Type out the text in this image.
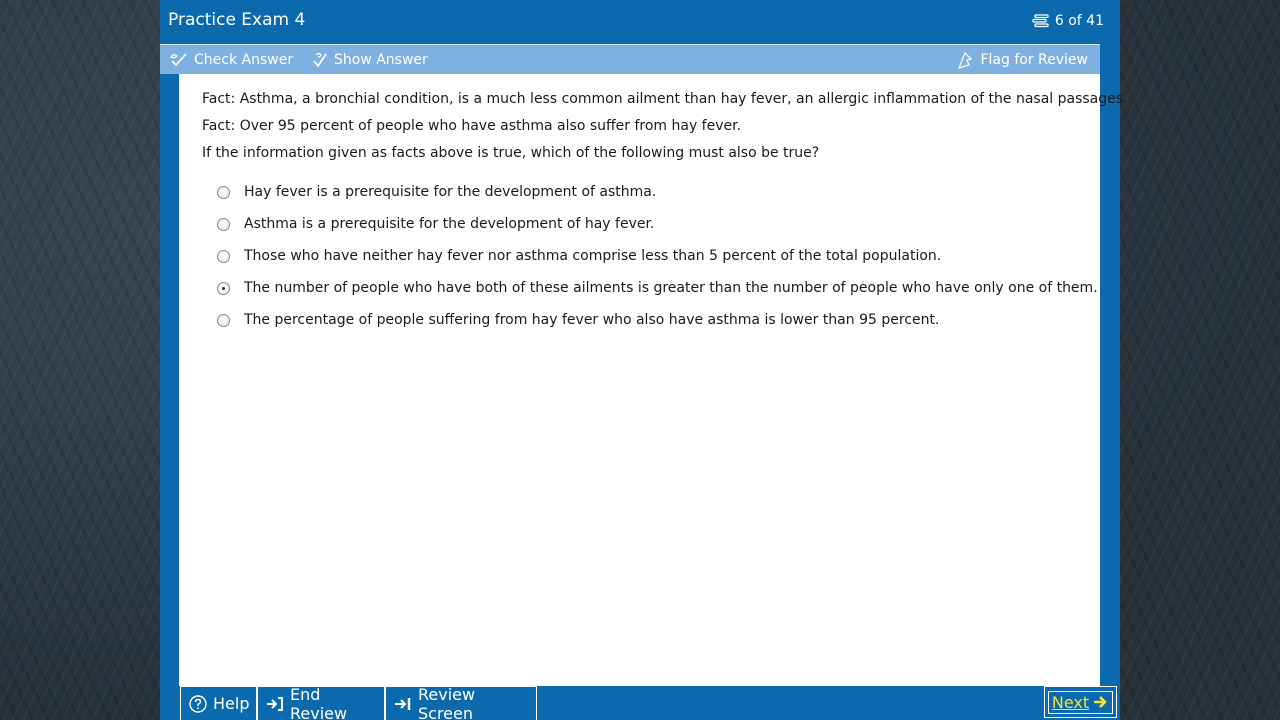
Practice Exam 4	6 of 41
Check Answer	Show Answer	Flag for Review
Fact: Asthma, a bronchial condition, is a much less common ailment than hay fever, an allergic inflammation of the nasal passages.
Fact: Over 95 percent of people who have asthma also suffer from hay fever.
If the information given as facts above is true, which of the following must also be true?
Hay fever is a prerequisite for the development of asthma.
Asthma is a prerequisite for the development of hay fever.
Those who have neither hay fever nor asthma comprise less than 5 percent of the total population.
The number of people who have both of these ailments is greater than the number of people who have only one of them.
The percentage of people suffering from hay fever who also have asthma is lower than 95 percent.
Help	End Review
Review Screen
Next
